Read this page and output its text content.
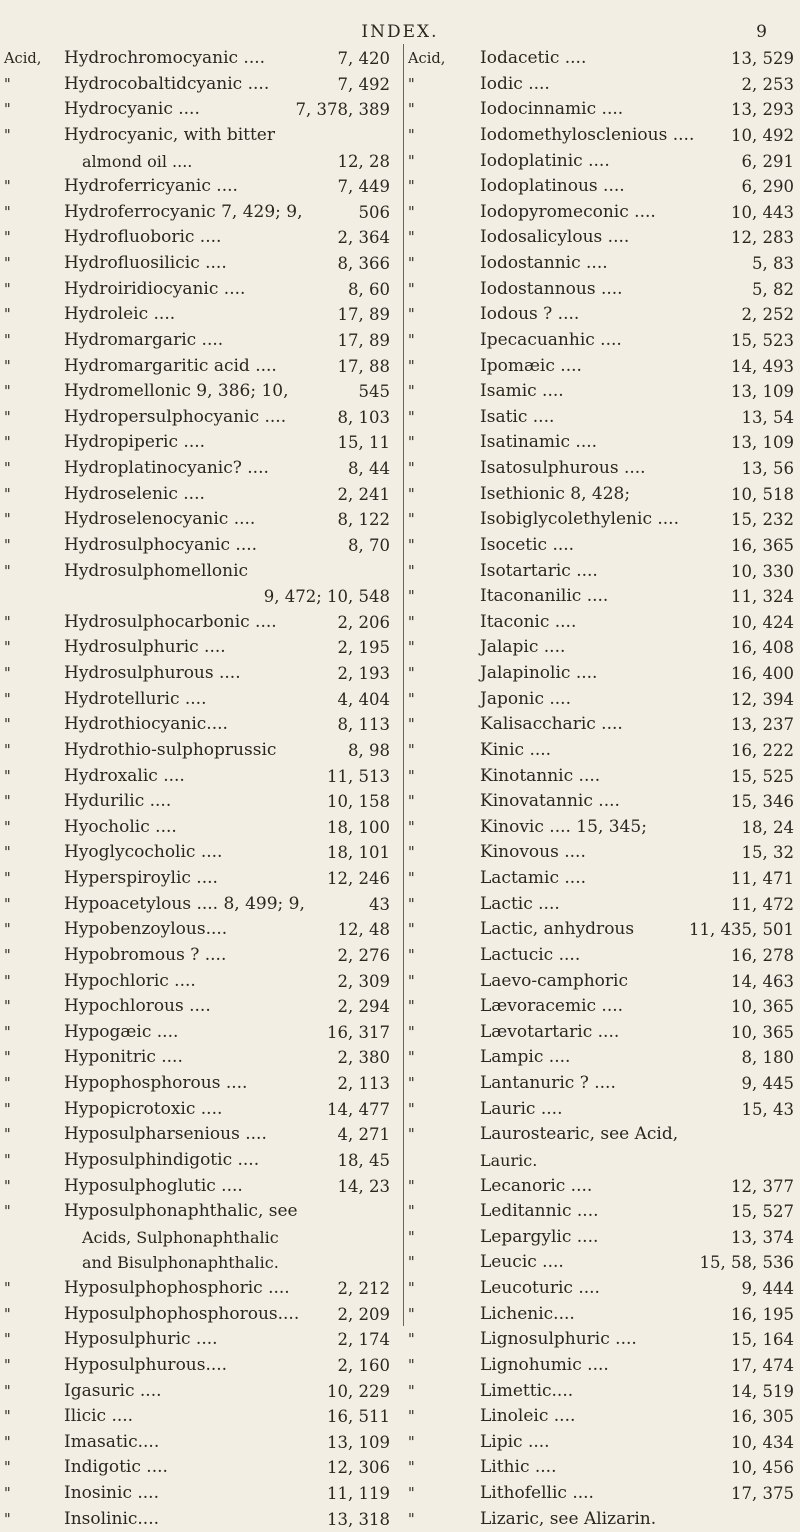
INDEX.	9
Acid,	Hydrochromocyanic ....	7, 420
"	Hydrocobaltidcyanic ....	7, 492
"	Hydrocyanic ....	7, 378, 389
"	Hydrocyanic, with bitter
almond oil ....	12, 28
"	Hydroferricyanic ....	7, 449
"	Hydroferrocyanic 7, 429; 9,	506
"	Hydrofluoboric ....	2, 364
"	Hydrofluosilicic ....	8, 366
"	Hydroiridiocyanic ....	8, 60
"	Hydroleic ....	17, 89
"	Hydromargaric ....	17, 89
"	Hydromargaritic acid ....	17, 88
"	Hydromellonic 9, 386; 10,	545
"	Hydropersulphocyanic ....	8, 103
"	Hydropiperic ....	15, 11
"	Hydroplatinocyanic? ....	8, 44
"	Hydroselenic ....	2, 241
"	Hydroselenocyanic ....	8, 122
"	Hydrosulphocyanic ....	8, 70
"	Hydrosulphomellonic
9, 472; 10, 548
"	Hydrosulphocarbonic ....	2, 206
"	Hydrosulphuric ....	2, 195
"	Hydrosulphurous ....	2, 193
"	Hydrotelluric ....	4, 404
"	Hydrothiocyanic....	8, 113
"	Hydrothio-sulphoprussic	8, 98
"	Hydroxalic ....	11, 513
"	Hydurilic ....	10, 158
"	Hyocholic ....	18, 100
"	Hyoglycocholic ....	18, 101
"	Hyperspiroylic ....	12, 246
"	Hypoacetylous .... 8, 499; 9,	43
"	Hypobenzoylous....	12, 48
"	Hypobromous ? ....	2, 276
"	Hypochloric ....	2, 309
"	Hypochlorous ....	2, 294
"	Hypogæic ....	16, 317
"	Hyponitric ....	2, 380
"	Hypophosphorous ....	2, 113
"	Hypopicrotoxic ....	14, 477
"	Hyposulpharsenious ....	4, 271
"	Hyposulphindigotic ....	18, 45
"	Hyposulphoglutic ....	14, 23
"	Hyposulphonaphthalic, see
Acids, Sulphonaphthalic
and Bisulphonaphthalic.
"	Hyposulphophosphoric ....	2, 212
"	Hyposulphophosphorous.... 2, 209
"	Hyposulphuric ....	2, 174
"	Hyposulphurous....	2, 160
"	Igasuric ....	10, 229
"	Ilicic ....	16, 511
"	Imasatic....	13, 109
"	Indigotic ....	12, 306
"	Inosinic ....	11, 119
"	Insolinic....	13, 318
Acid,	Iodacetic ....	13, 529
"	Iodic ....	2, 253
"	Iodocinnamic ....	13, 293
"	Iodomethylosclenious .... 10, 492
"	Iodoplatinic ....	6, 291
"	Iodoplatinous ....	6, 290
"	Iodopyromeconic ....	10, 443
"	Iodosalicylous ....	12, 283
"	Iodostannic ....	5, 83
"	Iodostannous ....	5, 82
"	Iodous ? ....	2, 252
"	Ipecacuanhic ....	15, 523
"	Ipomæic ....	14, 493
"	Isamic ....	13, 109
"	Isatic ....	13, 54
"	Isatinamic ....	13, 109
"	Isatosulphurous ....	13, 56
"	Isethionic 8, 428;	10, 518
"	Isobiglycolethylenic ....	15, 232
"	Isocetic ....	16, 365
"	Isotartaric ....	10, 330
"	Itaconanilic ....	11, 324
"	Itaconic ....	10, 424
"	Jalapic ....	16, 408
"	Jalapinolic ....	16, 400
"	Japonic ....	12, 394
"	Kalisaccharic ....	13, 237
"	Kinic ....	16, 222
"	Kinotannic ....	15, 525
"	Kinovatannic ....	15, 346
"	Kinovic .... 15, 345;	18, 24
"	Kinovous ....	15, 32
"	Lactamic ....	11, 471
"	Lactic ....	11, 472
"	Lactic, anhydrous	11, 435, 501
"	Lactucic ....	16, 278
"	Laevo-camphoric	14, 463
"	Lævoracemic ....	10, 365
"	Lævotartaric ....	10, 365
"	Lampic ....	8, 180
"	Lantanuric ? ....	9, 445
"	Lauric ....	15, 43
"	Laurostearic, see Acid,
Lauric.
"	Lecanoric ....	12, 377
"	Leditannic ....	15, 527
"	Lepargylic ....	13, 374
"	Leucic ....	15, 58, 536
"	Leucoturic ....	9, 444
"	Lichenic....	16, 195
"	Lignosulphuric ....	15, 164
"	Lignohumic ....	17, 474
"	Limettic....	14, 519
"	Linoleic ....	16, 305
"	Lipic ....	10, 434
"	Lithic ....	10, 456
"	Lithofellic ....	17, 375
"	Lizaric, see Alizarin.
